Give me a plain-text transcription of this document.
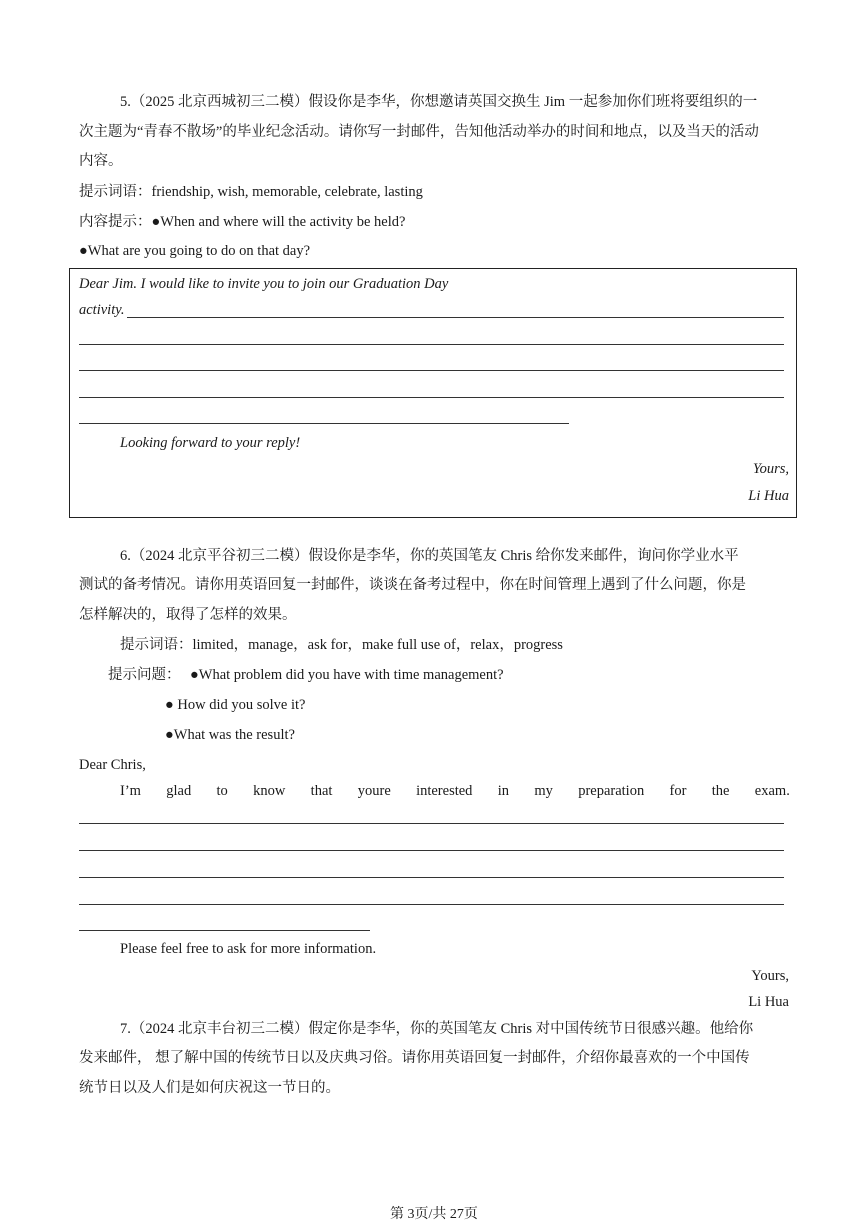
5.（2025 北京西城初三二模）假设你是李华，你想邀请英国交换生 Jim 一起参加你们班将要组织的一
次主题为“青春不散场”的毕业纪念活动。请你写一封邮件，告知他活动举办的时间和地点，以及当天的活动
内容。
提示词语：friendship, wish, memorable, celebrate, lasting
内容提示：●When and where will the activity be held?
●What are you going to do on that day?
Dear Jim. I would like to invite you to join our Graduation Day
activity.
Looking forward to your reply!
Yours,
Li Hua
6.（2024 北京平谷初三二模）假设你是李华，你的英国笔友 Chris 给你发来邮件，询问你学业水平
测试的备考情况。请你用英语回复一封邮件，谈谈在备考过程中，你在时间管理上遇到了什么问题，你是
怎样解决的，取得了怎样的效果。
提示词语：limited，manage，ask for，make full use of，relax，progress
提示问题： ●What problem did you have with time management?
● How did you solve it?
●What was the result?
Dear Chris,
I’m glad to know that youre interested in my preparation for the exam.
Please feel free to ask for more information.
Yours,
Li Hua
7.（2024 北京丰台初三二模）假定你是李华，你的英国笔友 Chris 对中国传统节日很感兴趣。他给你
发来邮件， 想了解中国的传统节日以及庆典习俗。请你用英语回复一封邮件，介绍你最喜欢的一个中国传
统节日以及人们是如何庆祝这一节日的。
第 3页/共 27页
